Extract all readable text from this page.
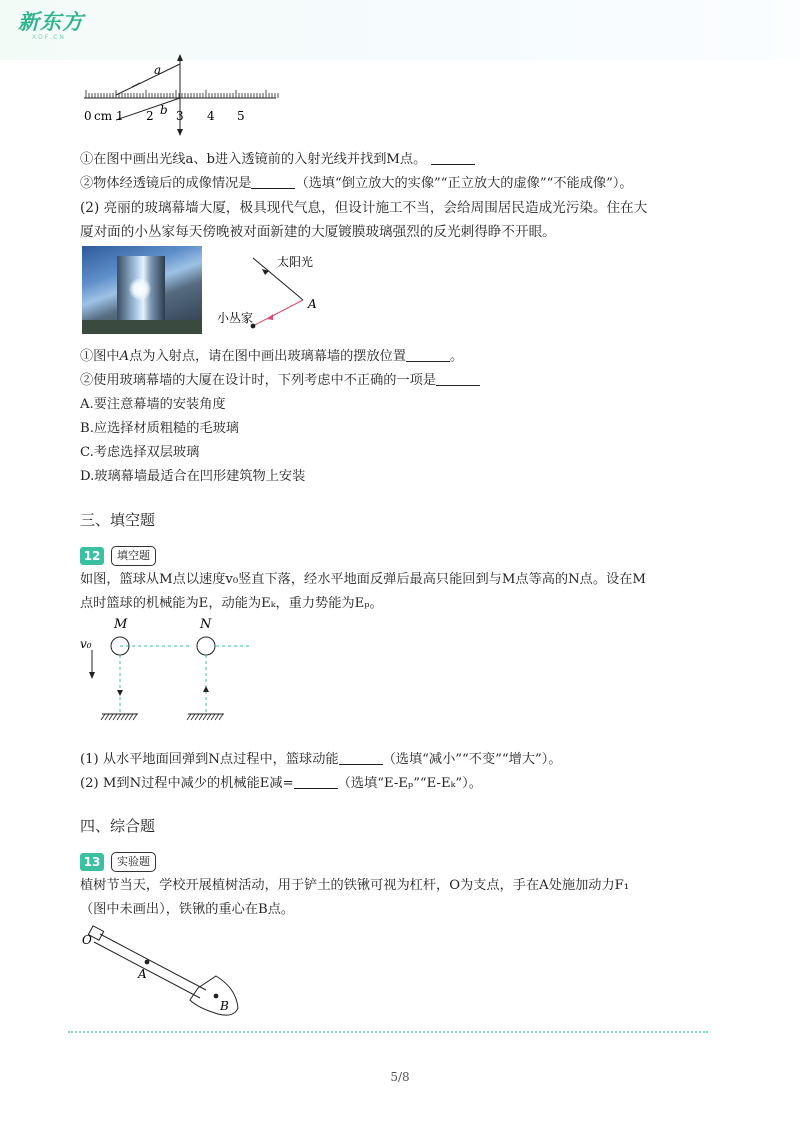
新东方
XDF.CN
a
b
0 cm 1 2 3 4 5
①在图中画出光线a、b进入透镜前的入射光线并找到M点。
②物体经透镜后的成像情况是	（选填“倒立放大的实像”“正立放大的虚像”“不能成像”）。
(2) 亮丽的玻璃幕墙大厦，极具现代气息，但设计施工不当，会给周围居民造成光污染。住在大
厦对面的小丛家每天傍晚被对面新建的大厦镀膜玻璃强烈的反光刺得睁不开眼。
太阳光
A
小丛家
①图中A点为入射点，请在图中画出玻璃幕墙的摆放位置	。
②使用玻璃幕墙的大厦在设计时，下列考虑中不正确的一项是
A.要注意幕墙的安装角度
B.应选择材质粗糙的毛玻璃
C.考虑选择双层玻璃
D.玻璃幕墙最适合在凹形建筑物上安装
三、填空题
12	填空题
如图，篮球从M点以速度v₀竖直下落，经水平地面反弹后最高只能回到与M点等高的N点。设在M
点时篮球的机械能为E，动能为Eₖ，重力势能为Eₚ。
M	N
v₀
(1) 从水平地面回弹到N点过程中，篮球动能	（选填“减小”“不变”“增大”）。
(2) M到N过程中减少的机械能E减=	（选填“E-Eₚ”“E-Eₖ”）。
四、综合题
13	实验题
植树节当天，学校开展植树活动，用于铲土的铁锹可视为杠杆，O为支点，手在A处施加动力F₁
（图中未画出），铁锹的重心在B点。
O
A
B
5/8
